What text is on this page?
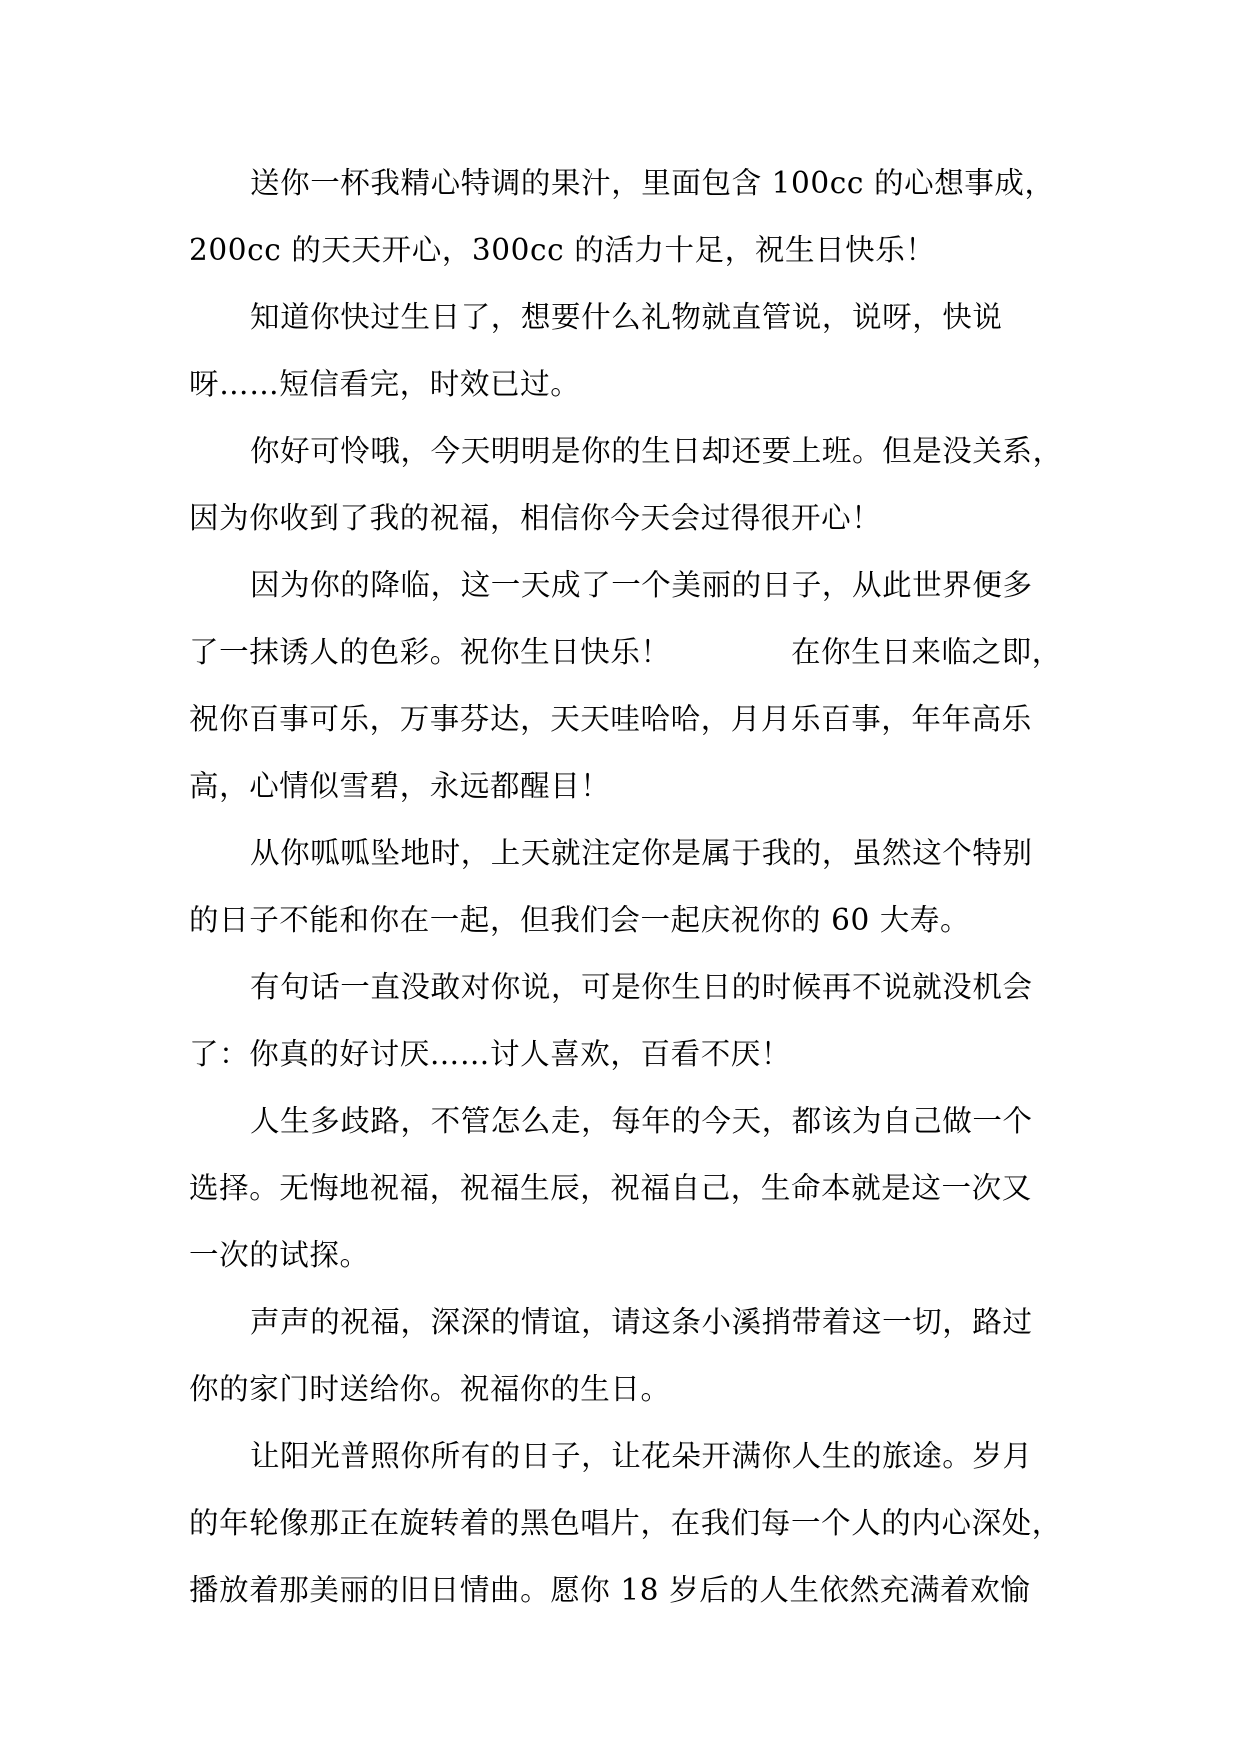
送你一杯我精心特调的果汁，里面包含 100cc 的心想事成，
200cc 的天天开心，300cc 的活力十足，祝生日快乐！
知道你快过生日了，想要什么礼物就直管说，说呀，快说
呀……短信看完，时效已过。
你好可怜哦，今天明明是你的生日却还要上班。但是没关系，
因为你收到了我的祝福，相信你今天会过得很开心！
因为你的降临，这一天成了一个美丽的日子，从此世界便多
了一抹诱人的色彩。祝你生日快乐！　　　　在你生日来临之即，
祝你百事可乐，万事芬达，天天哇哈哈，月月乐百事，年年高乐
高，心情似雪碧，永远都醒目！
从你呱呱坠地时，上天就注定你是属于我的，虽然这个特别
的日子不能和你在一起，但我们会一起庆祝你的 60 大寿。
有句话一直没敢对你说，可是你生日的时候再不说就没机会
了：你真的好讨厌……讨人喜欢，百看不厌！
人生多歧路，不管怎么走，每年的今天，都该为自己做一个
选择。无悔地祝福，祝福生辰，祝福自己，生命本就是这一次又
一次的试探。
声声的祝福，深深的情谊，请这条小溪捎带着这一切，路过
你的家门时送给你。祝福你的生日。
让阳光普照你所有的日子，让花朵开满你人生的旅途。岁月
的年轮像那正在旋转着的黑色唱片，在我们每一个人的内心深处，
播放着那美丽的旧日情曲。愿你 18 岁后的人生依然充满着欢愉
